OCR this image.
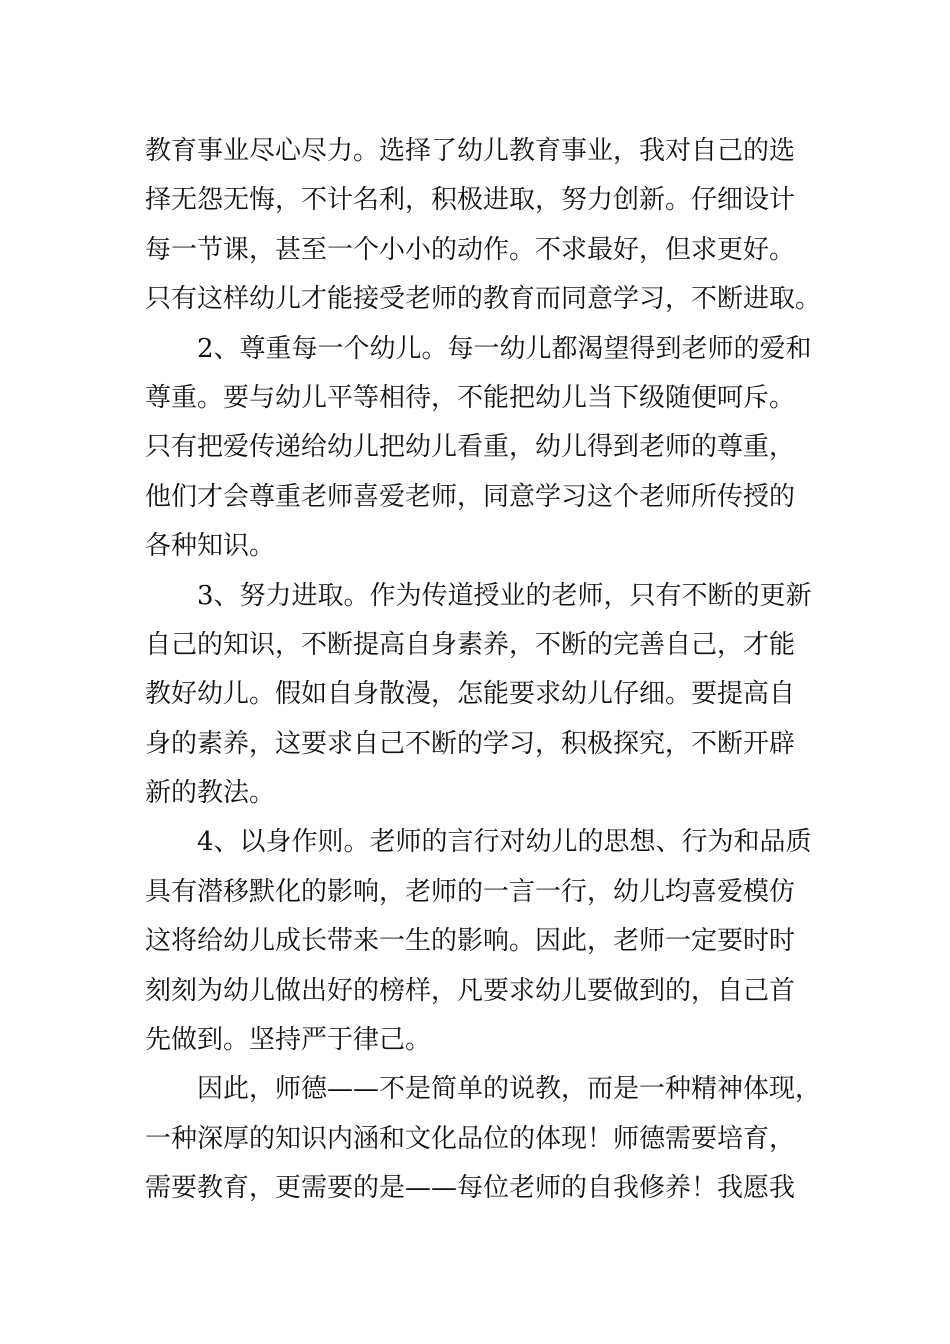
教育事业尽心尽力。选择了幼儿教育事业，我对自己的选
择无怨无悔，不计名利，积极进取，努力创新。仔细设计
每一节课，甚至一个小小的动作。不求最好，但求更好。
只有这样幼儿才能接受老师的教育而同意学习，不断进取。
2、尊重每一个幼儿。每一幼儿都渴望得到老师的爱和
尊重。要与幼儿平等相待，不能把幼儿当下级随便呵斥。
只有把爱传递给幼儿把幼儿看重，幼儿得到老师的尊重，
他们才会尊重老师喜爱老师，同意学习这个老师所传授的
各种知识。
3、努力进取。作为传道授业的老师，只有不断的更新
自己的知识，不断提高自身素养，不断的完善自己，才能
教好幼儿。假如自身散漫，怎能要求幼儿仔细。要提高自
身的素养，这要求自己不断的学习，积极探究，不断开辟
新的教法。
4、以身作则。老师的言行对幼儿的思想、行为和品质
具有潜移默化的影响，老师的一言一行，幼儿均喜爱模仿
这将给幼儿成长带来一生的影响。因此，老师一定要时时
刻刻为幼儿做出好的榜样，凡要求幼儿要做到的，自己首
先做到。坚持严于律己。
因此，师德——不是简单的说教，而是一种精神体现，
一种深厚的知识内涵和文化品位的体现！师德需要培育，
需要教育，更需要的是——每位老师的自我修养！我愿我
